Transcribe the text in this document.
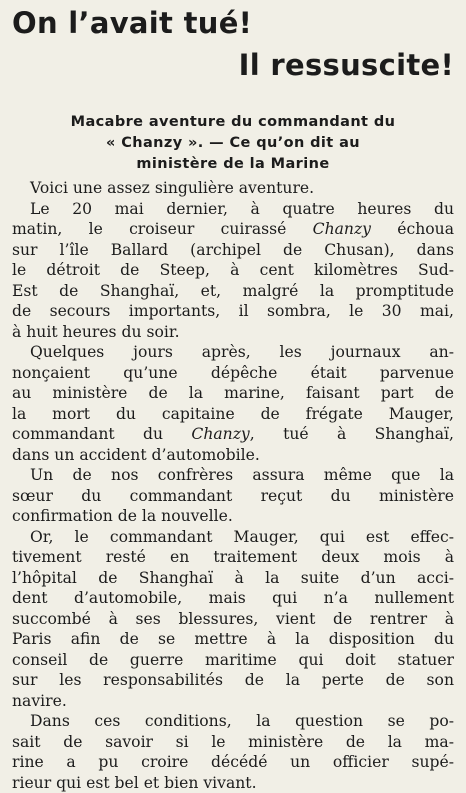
On l’avait tué!
Il ressuscite!
Macabre aventure du commandant du
« Chanzy ». — Ce qu’on dit au
ministère de la Marine
Voici une assez singulière aventure.
Le 20 mai dernier, à quatre heures du
matin, le croiseur cuirassé Chanzy échoua
sur l’île Ballard (archipel de Chusan), dans
le détroit de Steep, à cent kilomètres Sud-
Est de Shanghaï, et, malgré la promptitude
de secours importants, il sombra, le 30 mai,
à huit heures du soir.
Quelques jours après, les journaux an-
nonçaient qu’une dépêche était parvenue
au ministère de la marine, faisant part de
la mort du capitaine de frégate Mauger,
commandant du Chanzy, tué à Shanghaï,
dans un accident d’automobile.
Un de nos confrères assura même que la
sœur du commandant reçut du ministère
confirmation de la nouvelle.
Or, le commandant Mauger, qui est effec-
tivement resté en traitement deux mois à
l’hôpital de Shanghaï à la suite d’un acci-
dent d’automobile, mais qui n’a nullement
succombé à ses blessures, vient de rentrer à
Paris afin de se mettre à la disposition du
conseil de guerre maritime qui doit statuer
sur les responsabilités de la perte de son
navire.
Dans ces conditions, la question se po-
sait de savoir si le ministère de la ma-
rine a pu croire décédé un officier supé-
rieur qui est bel et bien vivant.
